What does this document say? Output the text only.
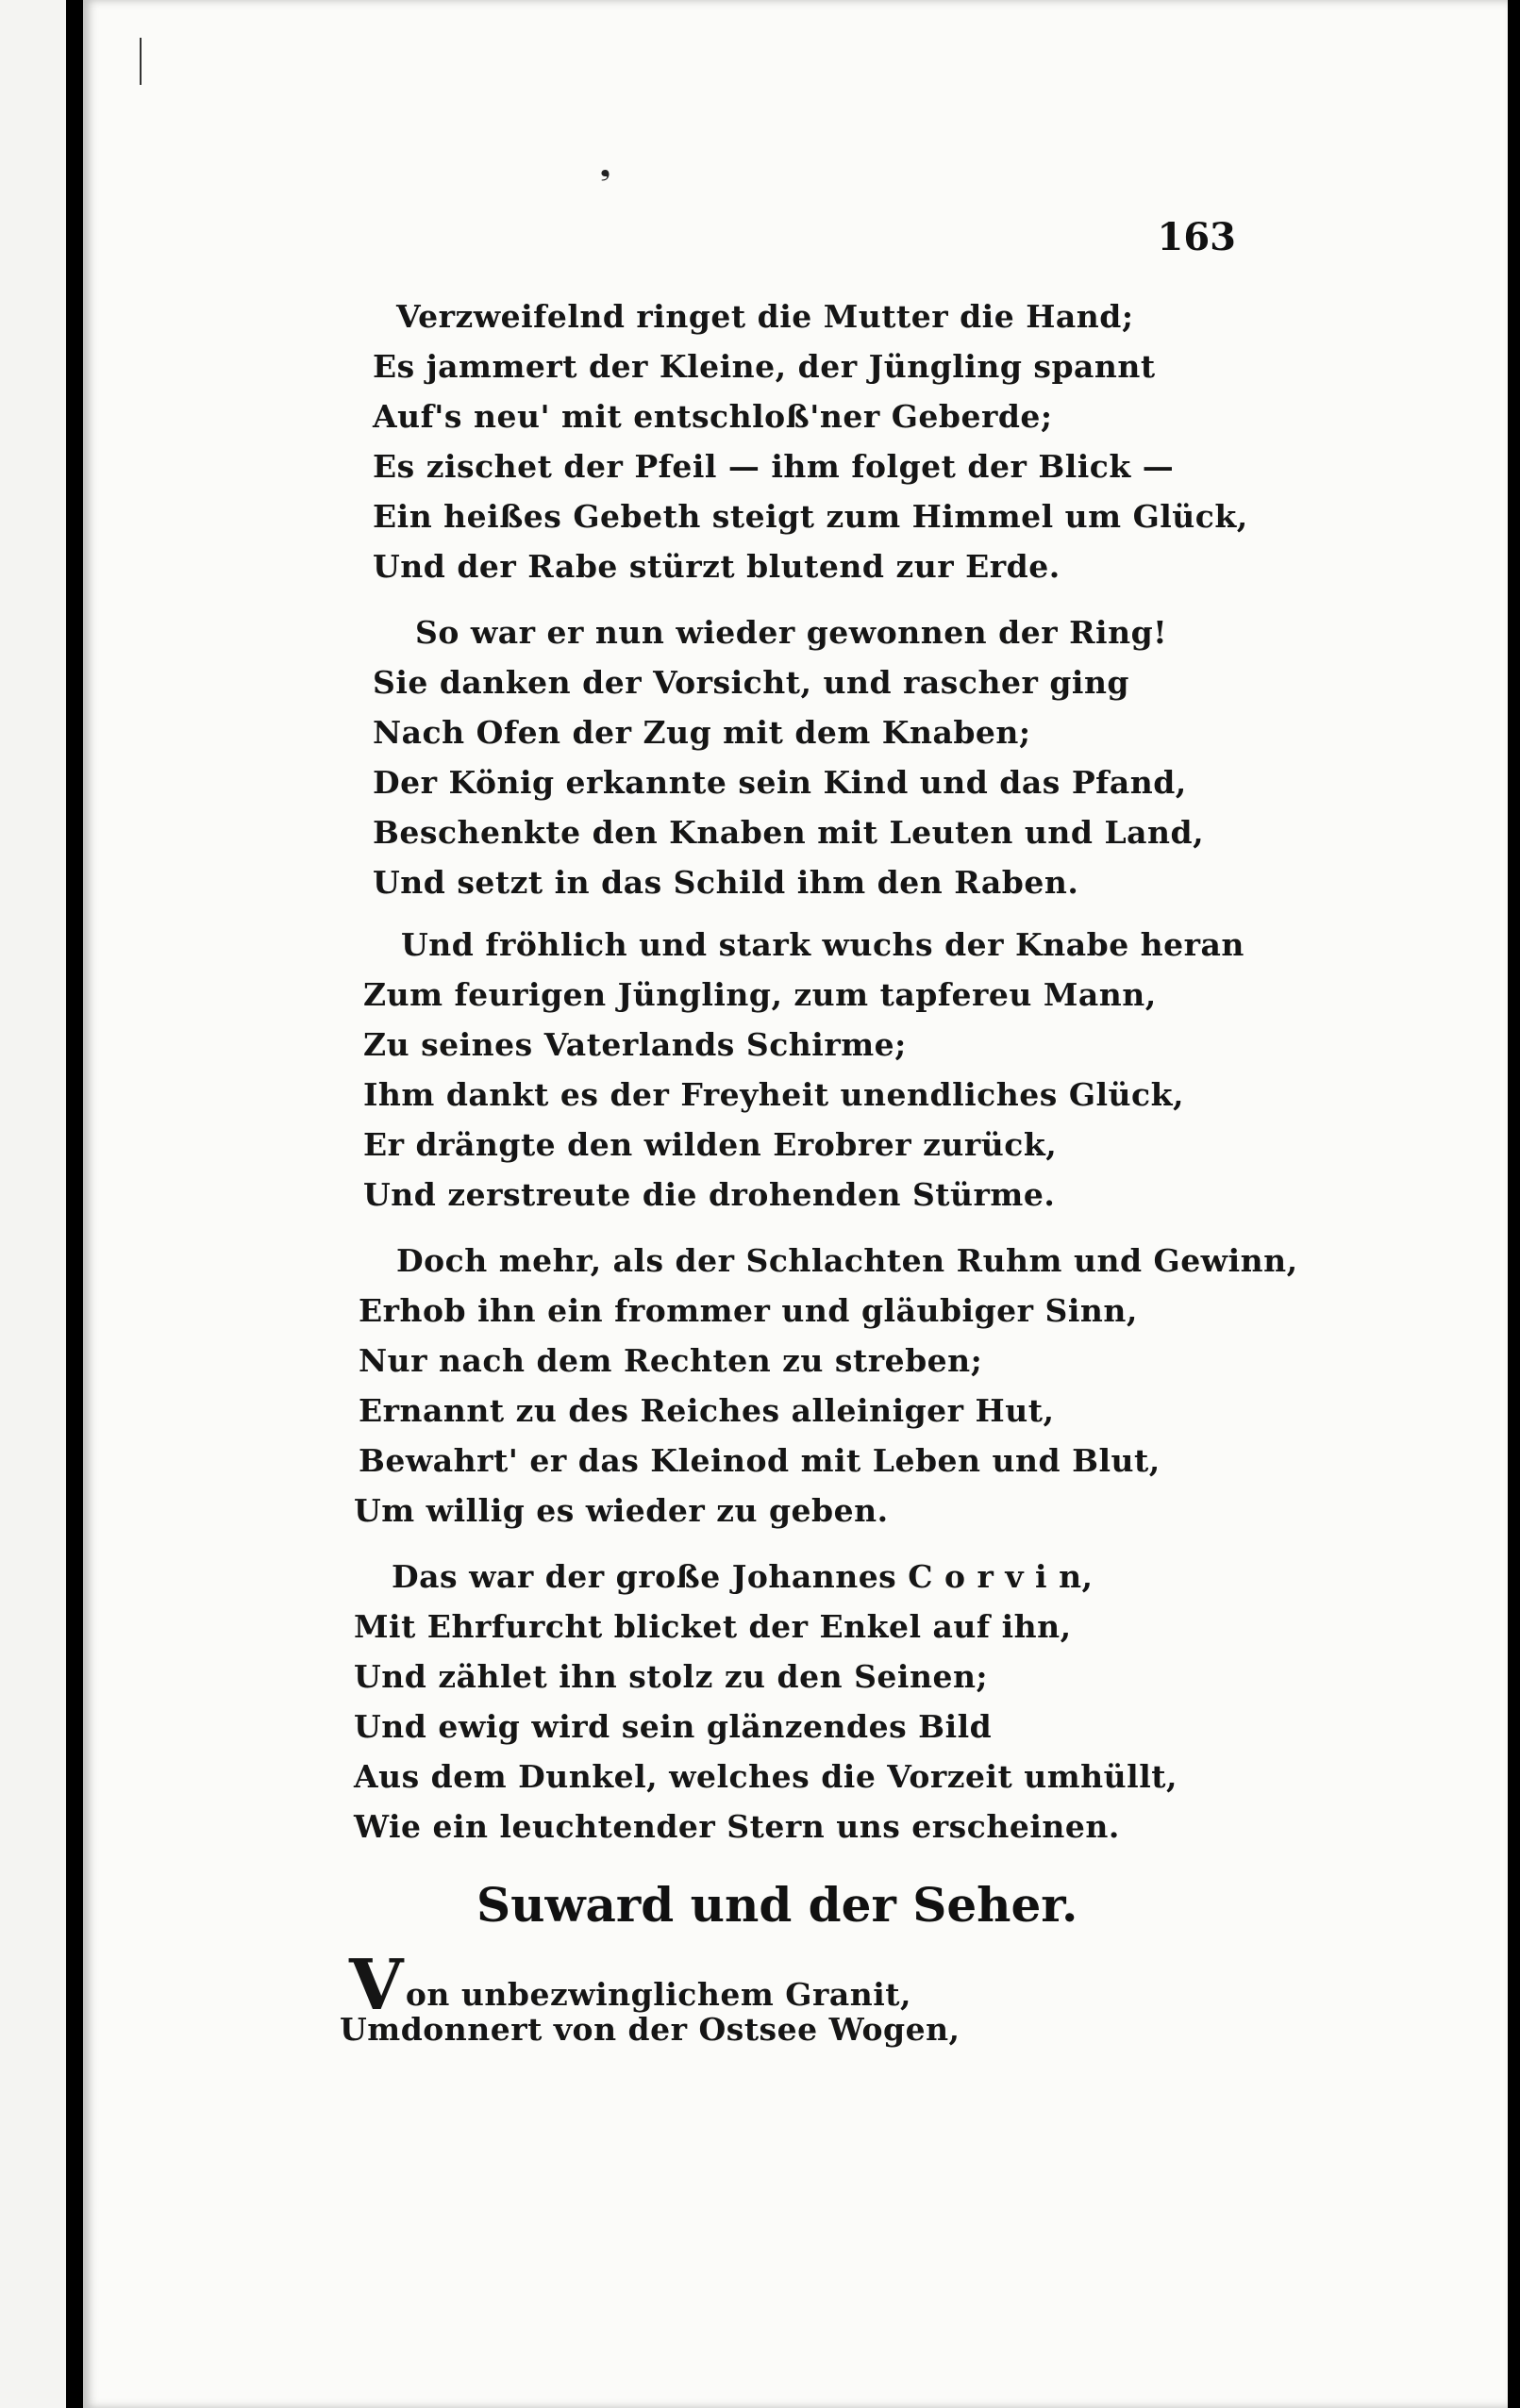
163
❟
Verzweifelnd ringet die Mutter die Hand;
Es jammert der Kleine, der Jüngling spannt
Auf's neu' mit entschloß'ner Geberde;
Es zischet der Pfeil — ihm folget der Blick —
Ein heißes Gebeth steigt zum Himmel um Glück,
Und der Rabe stürzt blutend zur Erde.
So war er nun wieder gewonnen der Ring!
Sie danken der Vorsicht, und rascher ging
Nach Ofen der Zug mit dem Knaben;
Der König erkannte sein Kind und das Pfand,
Beschenkte den Knaben mit Leuten und Land,
Und setzt in das Schild ihm den Raben.
Und fröhlich und stark wuchs der Knabe heran
Zum feurigen Jüngling, zum tapfereu Mann,
Zu seines Vaterlands Schirme;
Ihm dankt es der Freyheit unendliches Glück,
Er drängte den wilden Erobrer zurück,
Und zerstreute die drohenden Stürme.
Doch mehr, als der Schlachten Ruhm und Gewinn,
Erhob ihn ein frommer und gläubiger Sinn,
Nur nach dem Rechten zu streben;
Ernannt zu des Reiches alleiniger Hut,
Bewahrt' er das Kleinod mit Leben und Blut,
Um willig es wieder zu geben.
Das war der große Johannes C o r v i n,
Mit Ehrfurcht blicket der Enkel auf ihn,
Und zählet ihn stolz zu den Seinen;
Und ewig wird sein glänzendes Bild
Aus dem Dunkel, welches die Vorzeit umhüllt,
Wie ein leuchtender Stern uns erscheinen.
Suward und der Seher.
Von unbezwinglichem Granit,
Umdonnert von der Ostsee Wogen,
